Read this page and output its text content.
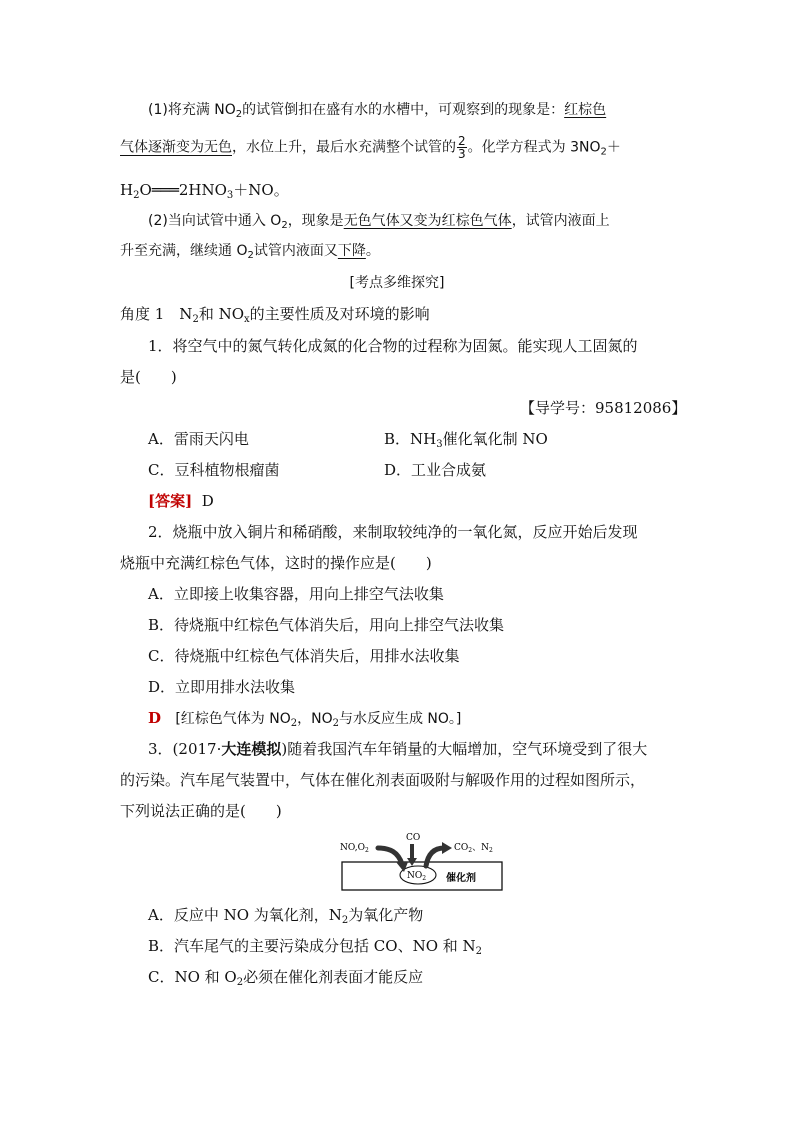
(1)将充满 $NO_2$的试管倒扣在盛有水的水槽中，可观察到的现象是：红棕色
气体逐渐变为无色，水位上升，最后水充满整个试管的 $\frac{2}{3}$ 。化学方程式为 $3NO_2+$
$H_2O═══2HNO_3+NO$。
(2)当向试管中通入 $O_2$，现象是无色气体又变为红棕色气体，试管内液面上
升至充满，继续通 $O_2$试管内液面又下降。
[考点多维探究]
角度 1　$N_2$和 $NO_x$的主要性质及对环境的影响
1．将空气中的氮气转化成氮的化合物的过程称为固氮。能实现人工固氮的
是(　　)
【导学号：95812086】
A．雷雨天闪电	B．$NH_3$催化氧化制 NO
C．豆科植物根瘤菌	D．工业合成氨
[答案] D
2．烧瓶中放入铜片和稀硝酸，来制取较纯净的一氧化氮，反应开始后发现
烧瓶中充满红棕色气体，这时的操作应是(　　)
A．立即接上收集容器，用向上排空气法收集
B．待烧瓶中红棕色气体消失后，用向上排空气法收集
C．待烧瓶中红棕色气体消失后，用排水法收集
D．立即用排水法收集
D [红棕色气体为 $NO_2$，$NO_2$与水反应生成 NO。]
3．(2017·大连模拟)随着我国汽车年销量的大幅增加，空气环境受到了很大
的污染。汽车尾气装置中，气体在催化剂表面吸附与解吸作用的过程如图所示，
下列说法正确的是(　　)
$NO,O_2$
CO
$CO_2$、$N_2$
$NO_2$ 催化剂
A．反应中 NO 为氧化剂，$N_2$为氧化产物
B．汽车尾气的主要污染成分包括 CO、NO 和 $N_2$
C．NO 和 $O_2$必须在催化剂表面才能反应
